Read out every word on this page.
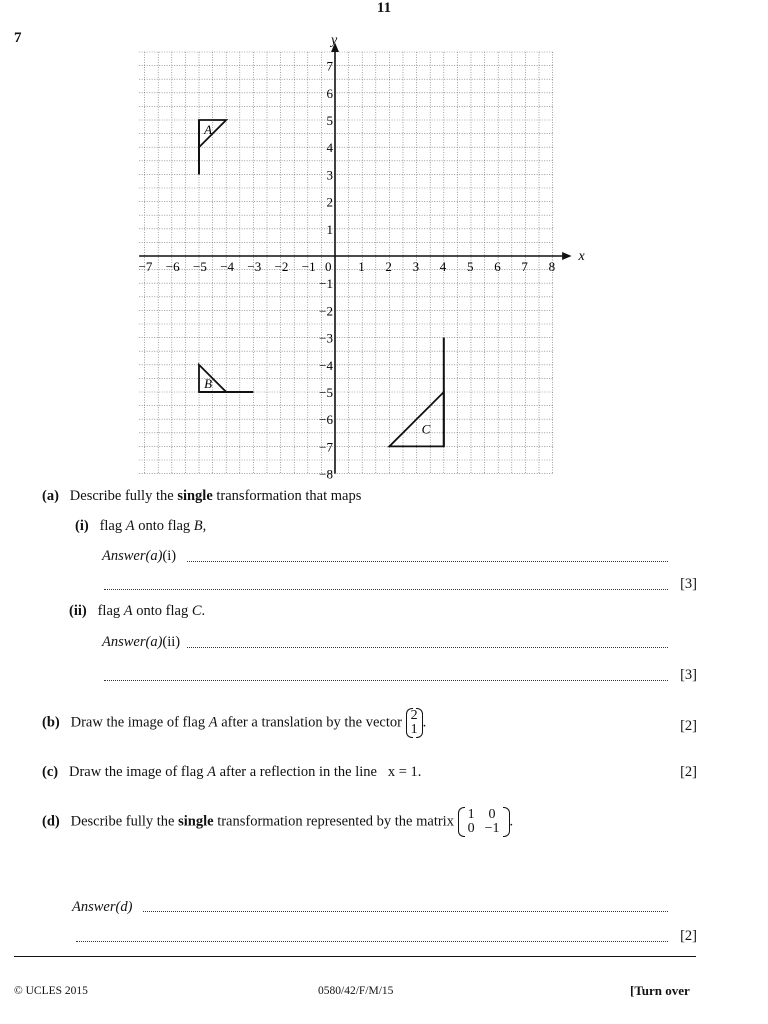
11
7
x
y
−7 −6 −5 −4 −3 −2 −1 0 1 2 3 4 5 6 7 8
7
6
5
4
3
2
1
−1
−2
−3
−4
−5
−6
−7
−8
A
B
C
(a) Describe fully the single transformation that maps
(i) flag A onto flag B,
Answer(a)(i)
[3]
(ii) flag A onto flag C.
Answer(a)(ii)
[3]
(b) Draw the image of flag A after a translation by the vector 2
1 .	[2]
(c) Draw the image of flag A after a reflection in the line x = 1.	[2]
(d) Describe fully the single transformation represented by the matrix 1	0
0	−1 .
Answer(d)
[2]
© UCLES 2015	0580/42/F/M/15	[Turn over
